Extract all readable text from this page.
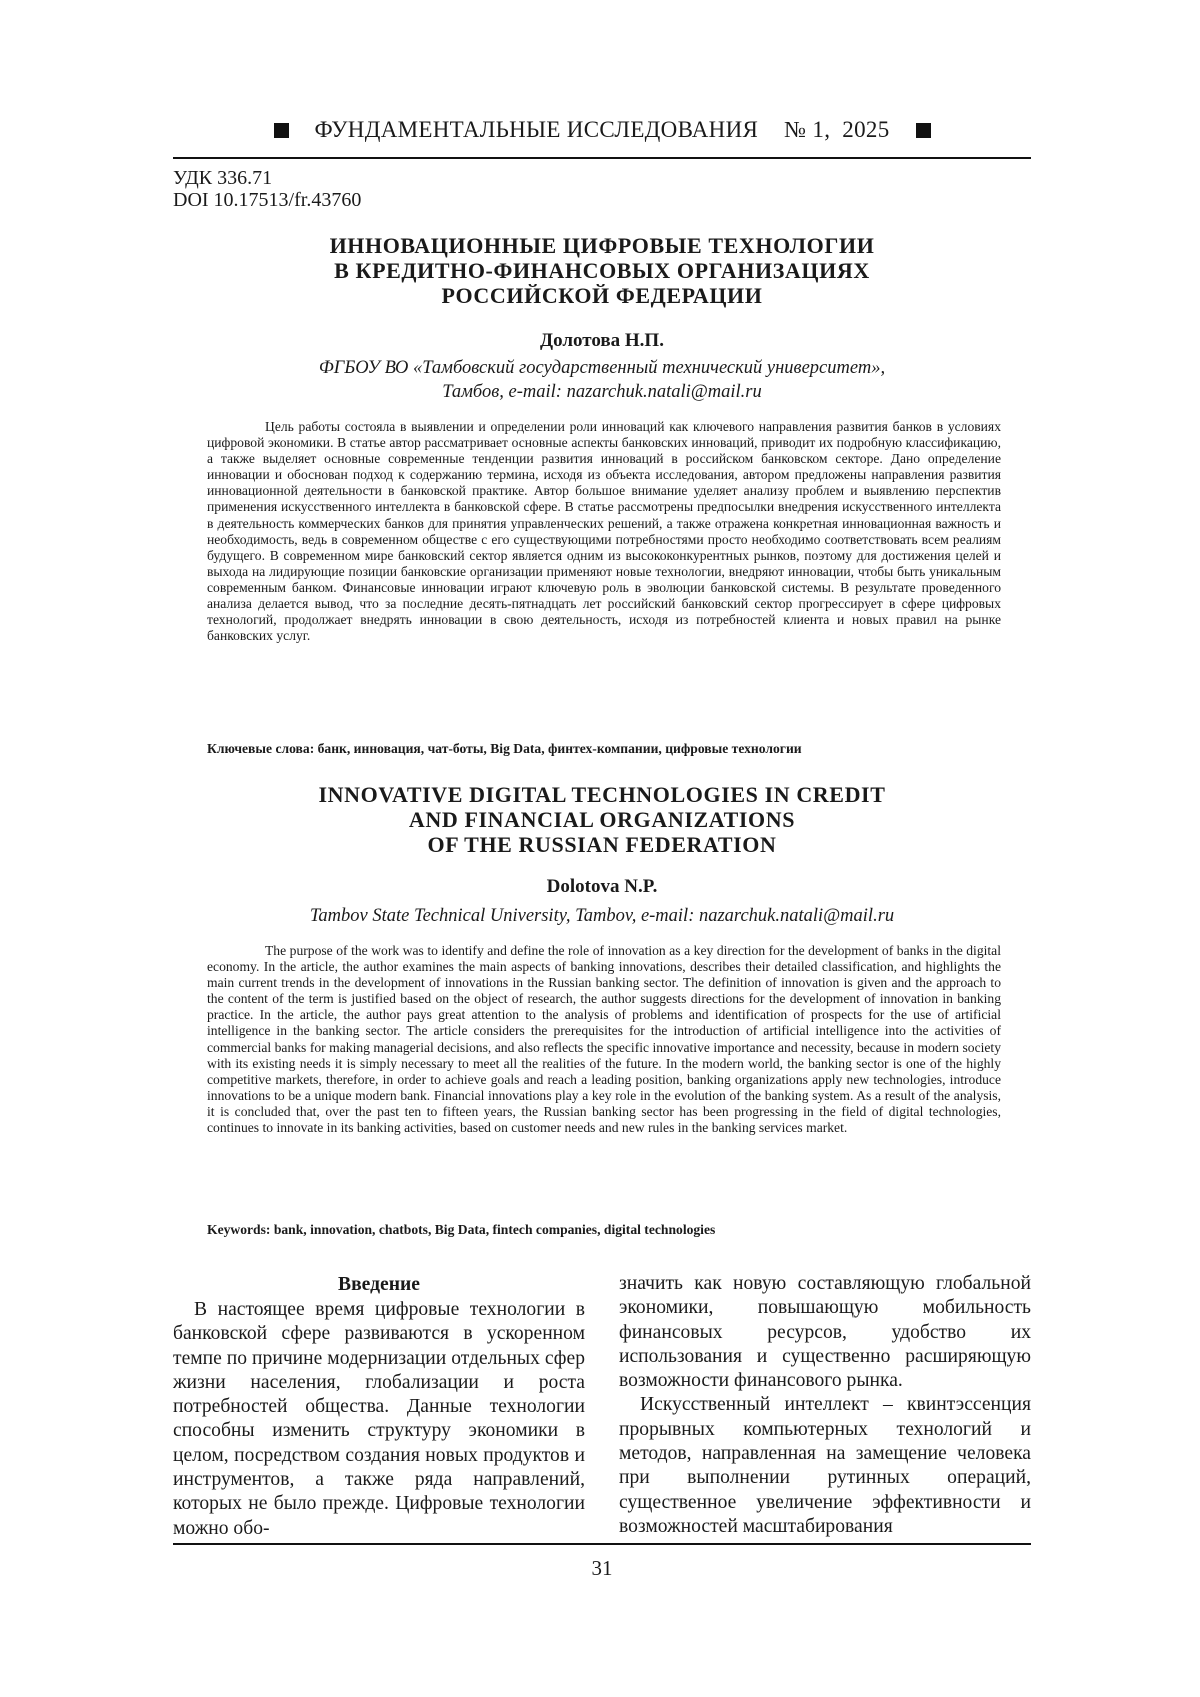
ФУНДАМЕНТАЛЬНЫЕ ИССЛЕДОВАНИЯ № 1, 2025
УДК 336.71
DOI 10.17513/fr.43760
ИННОВАЦИОННЫЕ ЦИФРОВЫЕ ТЕХНОЛОГИИ
В КРЕДИТНО-ФИНАНСОВЫХ ОРГАНИЗАЦИЯХ
РОССИЙСКОЙ ФЕДЕРАЦИИ
Долотова Н.П.
ФГБОУ ВО «Тамбовский государственный технический университет»,
Тамбов, e-mail: nazarchuk.natali@mail.ru

Цель работы состояла в выявлении и определении роли инноваций как ключевого направления развития банков в условиях цифровой экономики. В статье автор рассматривает основные аспекты банковских инноваций, приводит их подробную классификацию, а также выделяет основные современные тенденции развития инноваций в российском банковском секторе. Дано определение инновации и обоснован подход к содержанию термина, исходя из объекта исследования, автором предложены направления развития инновационной деятельности в банковской практике. Автор большое внимание уделяет анализу проблем и выявлению перспектив применения искусственного интеллекта в банковской сфере. В статье рассмотрены предпосылки внедрения искусственного интеллекта в деятельность коммерческих банков для принятия управленческих решений, а также отражена конкретная инновационная важность и необходимость, ведь в современном обществе с его существующими потребностями просто необходимо соответствовать всем реалиям будущего. В современном мире банковский сектор является одним из высококонкурентных рынков, поэтому для достижения целей и выхода на лидирующие позиции банковские организации применяют новые технологии, внедряют инновации, чтобы быть уникальным современным банком. Финансовые инновации играют ключевую роль в эволюции банковской системы. В результате проведенного анализа делается вывод, что за последние десять-пятнадцать лет российский банковский сектор прогрессирует в сфере цифровых технологий, продолжает внедрять инновации в свою деятельность, исходя из потребностей клиента и новых правил на рынке банковских услуг.

Ключевые слова: банк, инновация, чат-боты, Big Data, финтех-компании, цифровые технологии
INNOVATIVE DIGITAL TECHNOLOGIES IN CREDIT
AND FINANCIAL ORGANIZATIONS
OF THE RUSSIAN FEDERATION
Dolotova N.P.
Tambov State Technical University, Tambov, e-mail: nazarchuk.natali@mail.ru

The purpose of the work was to identify and define the role of innovation as a key direction for the development of banks in the digital economy. In the article, the author examines the main aspects of banking innovations, describes their detailed classification, and highlights the main current trends in the development of innovations in the Russian banking sector. The definition of innovation is given and the approach to the content of the term is justified based on the object of research, the author suggests directions for the development of innovation in banking practice. In the article, the author pays great attention to the analysis of problems and identification of prospects for the use of artificial intelligence in the banking sector. The article considers the prerequisites for the introduction of artificial intelligence into the activities of commercial banks for making managerial decisions, and also reflects the specific innovative importance and necessity, because in modern society with its existing needs it is simply necessary to meet all the realities of the future. In the modern world, the banking sector is one of the highly competitive markets, therefore, in order to achieve goals and reach a leading position, banking organizations apply new technologies, introduce innovations to be a unique modern bank. Financial innovations play a key role in the evolution of the banking system. As a result of the analysis, it is concluded that, over the past ten to fifteen years, the Russian banking sector has been progressing in the field of digital technologies, continues to innovate in its banking activities, based on customer needs and new rules in the banking services market.

Keywords: bank, innovation, chatbots, Big Data, fintech companies, digital technologies
Введение

В настоящее время цифровые технологии в банковской сфере развиваются в ускоренном темпе по причине модернизации отдельных сфер жизни населения, глобализации и роста потребностей общества. Данные технологии способны изменить структуру экономики в целом, посредством создания новых продуктов и инструментов, а также ряда направлений, которых не было прежде. Цифровые технологии можно обо-

значить как новую составляющую глобальной экономики, повышающую мобильность финансовых ресурсов, удобство их использования и существенно расширяющую возможности финансового рынка.

Искусственный интеллект – квинтэссенция прорывных компьютерных технологий и методов, направленная на замещение человека при выполнении рутинных операций, существенное увеличение эффективности и возможностей масштабирования

31
